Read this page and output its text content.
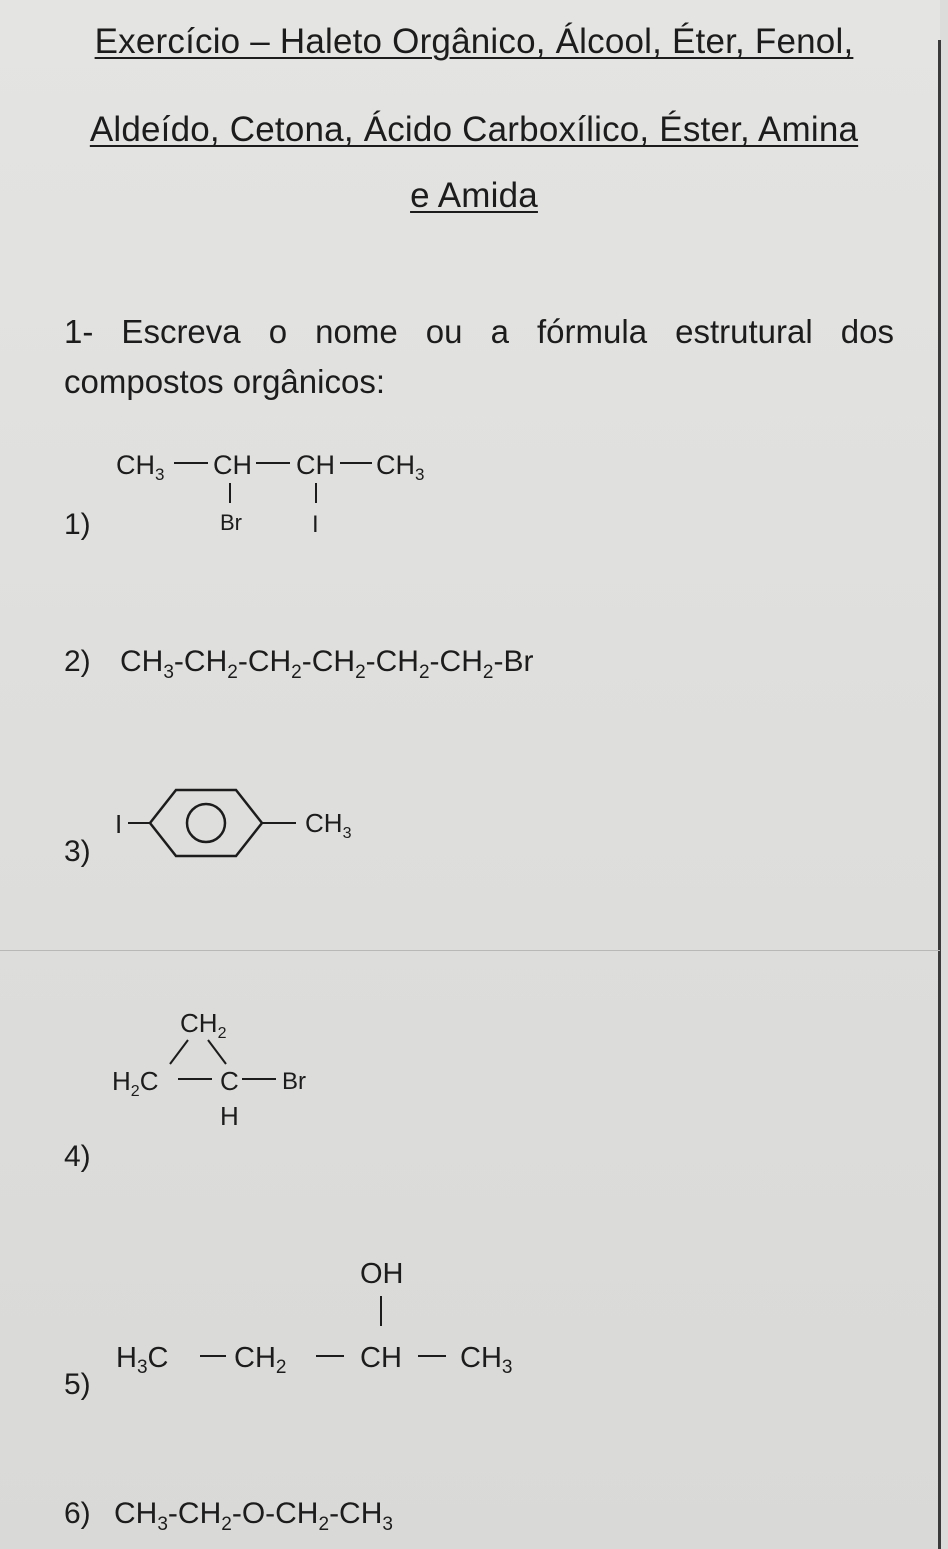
Exercício – Haleto Orgânico, Álcool, Éter, Fenol,
Aldeído, Cetona, Ácido Carboxílico, Éster, Amina
e Amida
1- Escreva o nome ou a fórmula estrutural dos
compostos orgânicos:
1)
$CH_3$ CH CH $CH_3$
Br	I
2) $CH_3-CH_2-CH_2-CH_2-CH_2-CH_2-Br$
3)
I	$CH_3$
4)
$CH_2$
$H_2C$ C Br
H
5)
OH
$H_3C$ $CH_2$	CH $CH_3$
6) $CH_3-CH_2-O-CH_2-CH_3$
